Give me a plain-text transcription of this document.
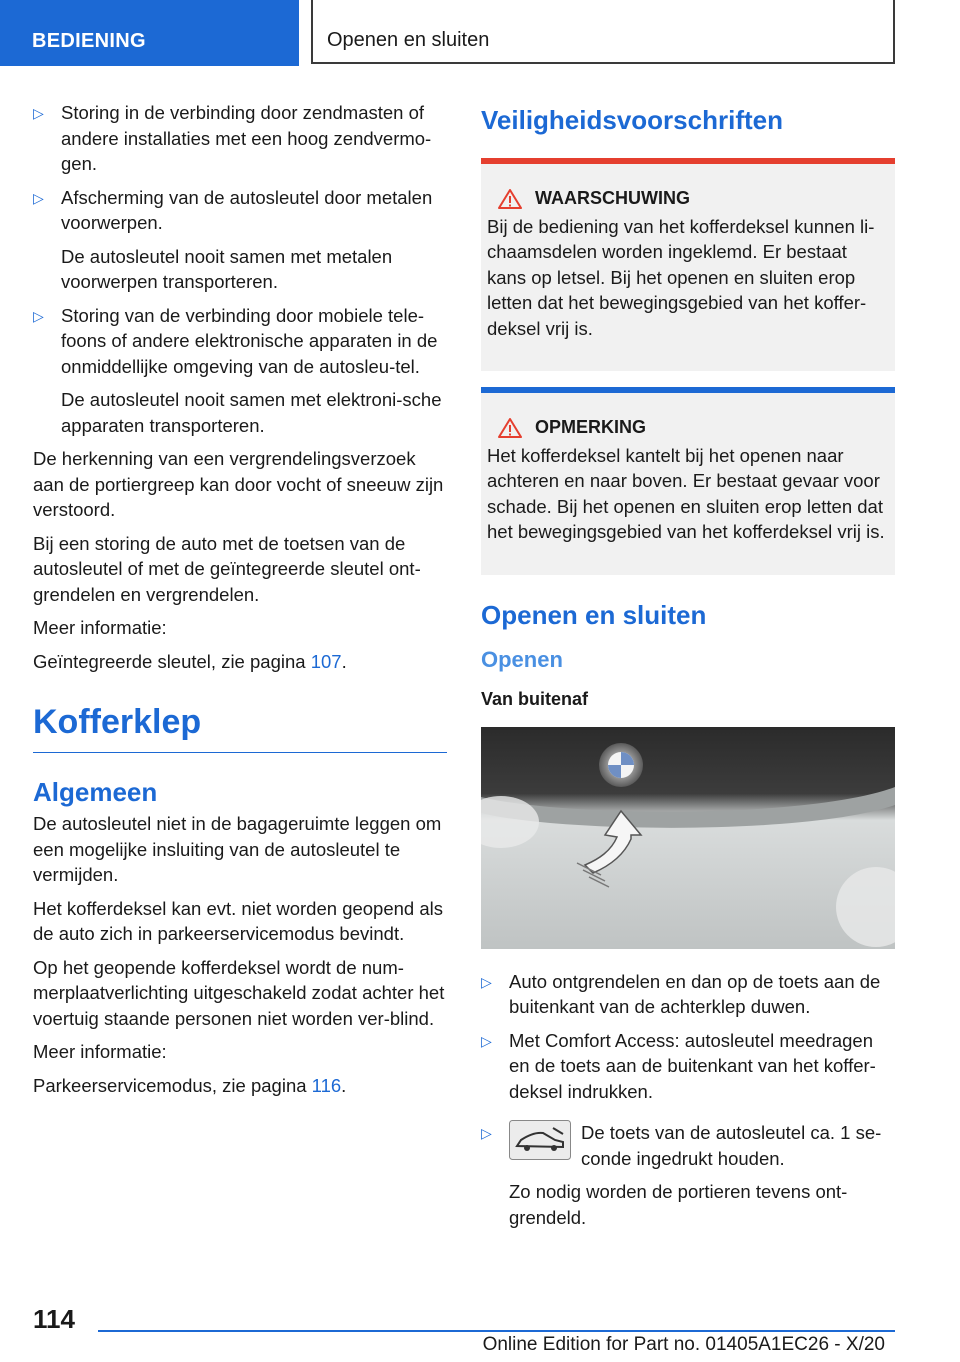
BEDIENING	Openen en sluiten
▷ Storing in de verbinding door zendmasten of andere installaties met een hoog zendvermo-gen.

▷ Afscherming van de autosleutel door metalen voorwerpen.

De autosleutel nooit samen met metalen voorwerpen transporteren.

▷ Storing van de verbinding door mobiele tele-foons of andere elektronische apparaten in de onmiddellijke omgeving van de autosleu-tel.

De autosleutel nooit samen met elektroni-sche apparaten transporteren.

De herkenning van een vergrendelingsverzoek aan de portiergreep kan door vocht of sneeuw zijn verstoord.

Bij een storing de auto met de toetsen van de autosleutel of met de geïntegreerde sleutel ont-grendelen en vergrendelen.

Meer informatie:

Geïntegreerde sleutel, zie pagina 107.

Kofferklep
Algemeen

De autosleutel niet in de bagageruimte leggen om een mogelijke insluiting van de autosleutel te vermijden.

Het kofferdeksel kan evt. niet worden geopend als de auto zich in parkeerservicemodus bevindt.

Op het geopende kofferdeksel wordt de num-merplaatverlichting uitgeschakeld zodat achter het voertuig staande personen niet worden ver-blind.

Meer informatie:

Parkeerservicemodus, zie pagina 116.

Veiligheidsvoorschriften
WAARSCHUWING

Bij de bediening van het kofferdeksel kunnen li-chaamsdelen worden ingeklemd. Er bestaat kans op letsel. Bij het openen en sluiten erop letten dat het bewegingsgebied van het koffer-deksel vrij is.

OPMERKING

Het kofferdeksel kantelt bij het openen naar achteren en naar boven. Er bestaat gevaar voor schade. Bij het openen en sluiten erop letten dat het bewegingsgebied van het kofferdeksel vrij is.

Openen en sluiten
Openen
Van buitenaf
▷ Auto ontgrendelen en dan op de toets aan de buitenkant van de achterklep duwen.

▷ Met Comfort Access: autosleutel meedragen en de toets aan de buitenkant van het koffer-deksel indrukken.

▷	De toets van de autosleutel ca. 1 se-conde ingedrukt houden.

Zo nodig worden de portieren tevens ont-grendeld.

114
Online Edition for Part no. 01405A1EC26 - X/20
